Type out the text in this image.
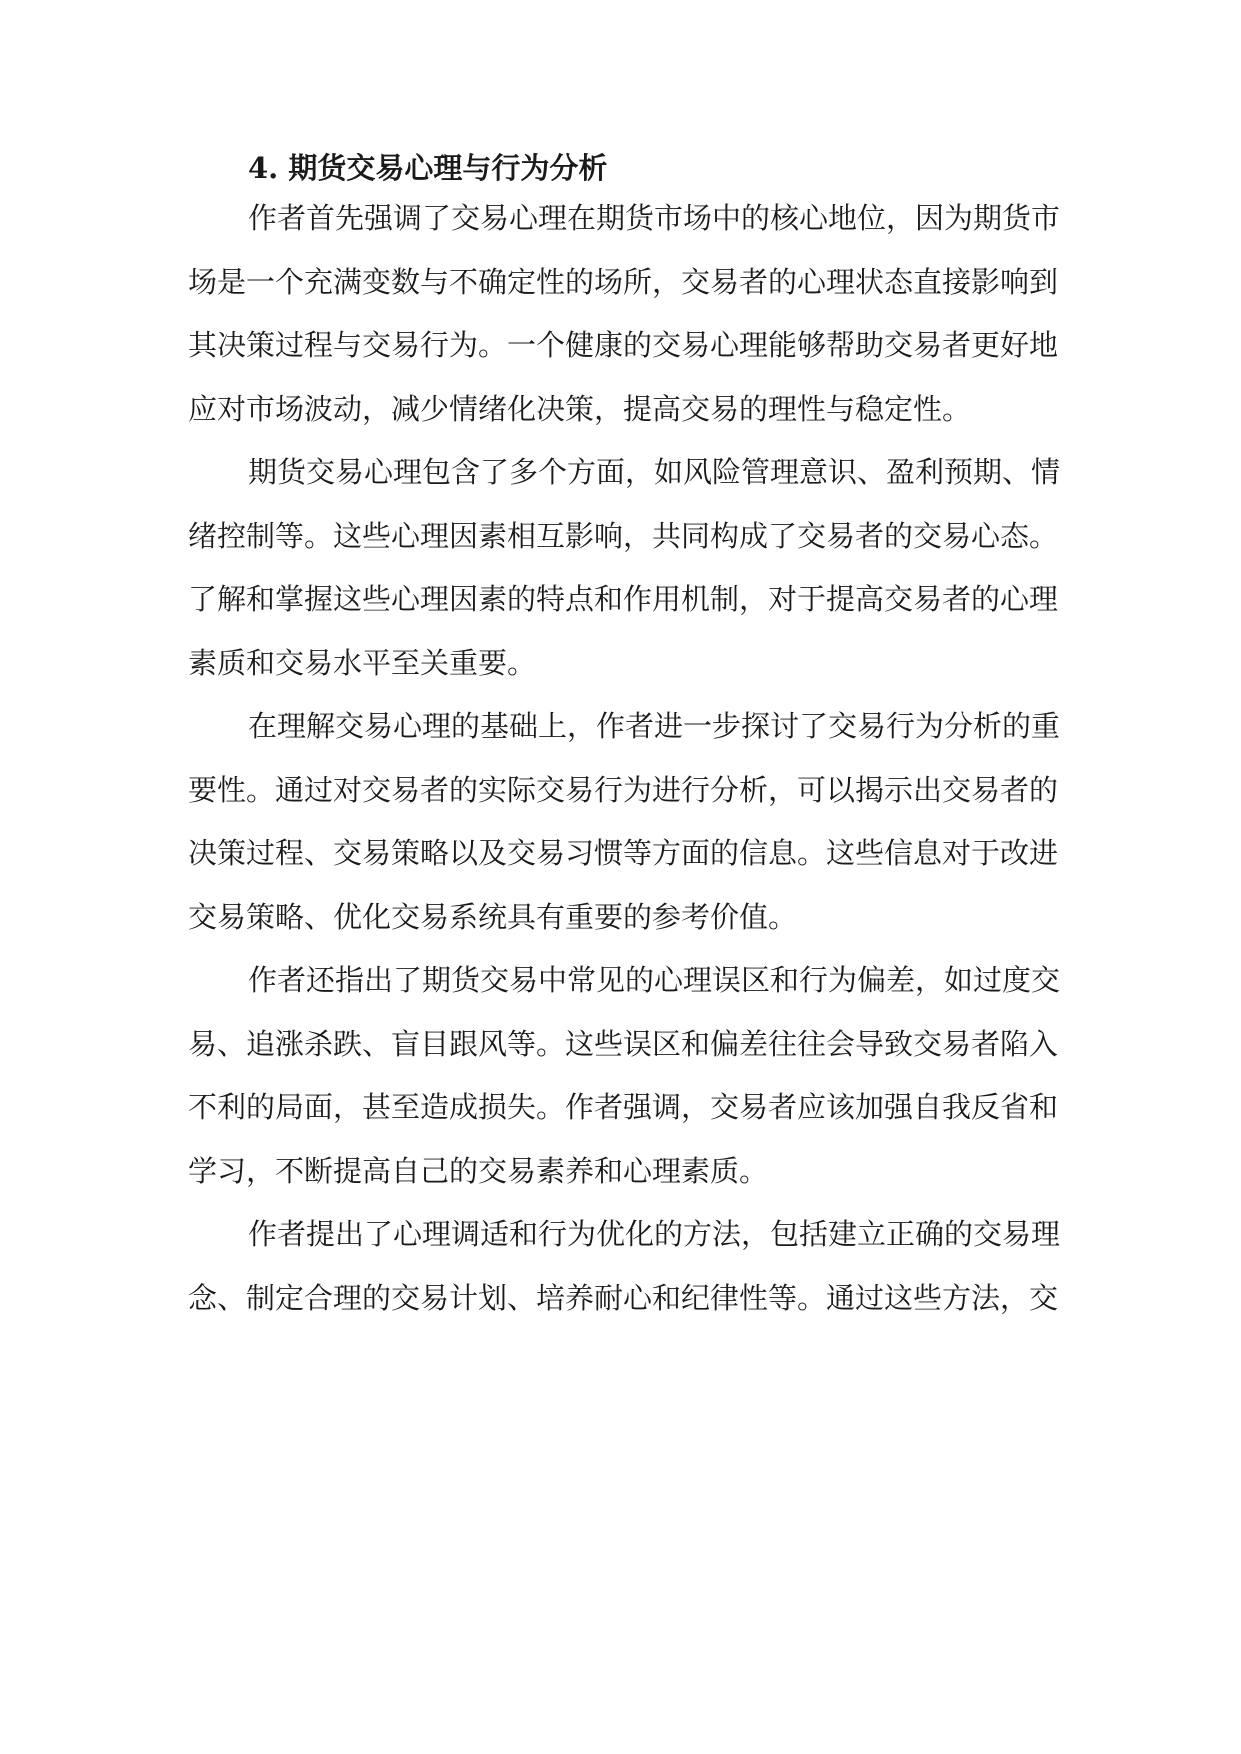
4. 期货交易心理与行为分析

作者首先强调了交易心理在期货市场中的核心地位，因为期货市

场是一个充满变数与不确定性的场所，交易者的心理状态直接影响到

其决策过程与交易行为。一个健康的交易心理能够帮助交易者更好地

应对市场波动，减少情绪化决策，提高交易的理性与稳定性。

期货交易心理包含了多个方面，如风险管理意识、盈利预期、情

绪控制等。这些心理因素相互影响，共同构成了交易者的交易心态。

了解和掌握这些心理因素的特点和作用机制，对于提高交易者的心理

素质和交易水平至关重要。

在理解交易心理的基础上，作者进一步探讨了交易行为分析的重

要性。通过对交易者的实际交易行为进行分析，可以揭示出交易者的

决策过程、交易策略以及交易习惯等方面的信息。这些信息对于改进

交易策略、优化交易系统具有重要的参考价值。

作者还指出了期货交易中常见的心理误区和行为偏差，如过度交

易、追涨杀跌、盲目跟风等。这些误区和偏差往往会导致交易者陷入

不利的局面，甚至造成损失。作者强调，交易者应该加强自我反省和

学习，不断提高自己的交易素养和心理素质。

作者提出了心理调适和行为优化的方法，包括建立正确的交易理

念、制定合理的交易计划、培养耐心和纪律性等。通过这些方法，交
